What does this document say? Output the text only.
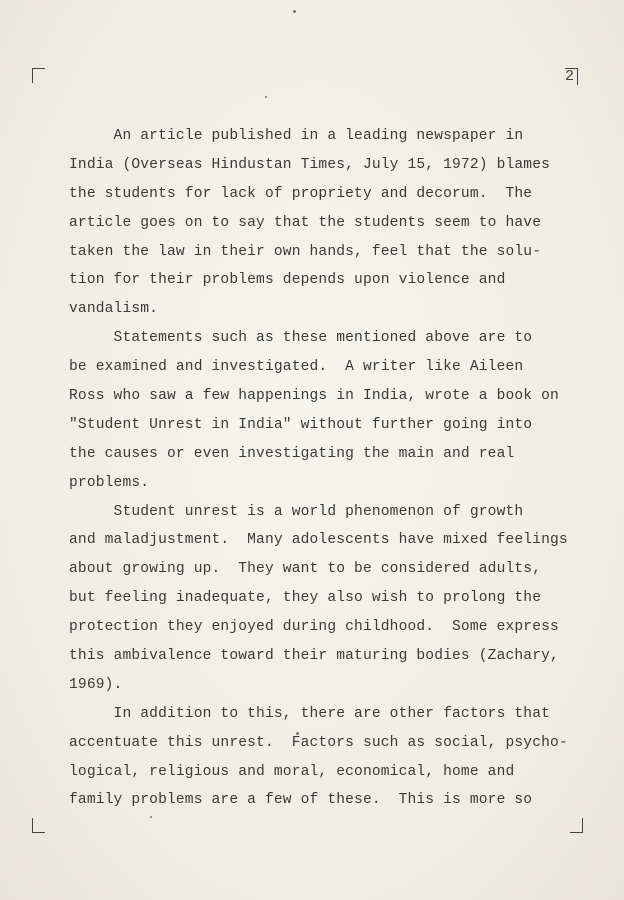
2
An article published in a leading newspaper in
India (Overseas Hindustan Times, July 15, 1972) blames
the students for lack of propriety and decorum.  The
article goes on to say that the students seem to have
taken the law in their own hands, feel that the solu-
tion for their problems depends upon violence and
vandalism.
Statements such as these mentioned above are to
be examined and investigated.  A writer like Aileen
Ross who saw a few happenings in India, wrote a book on
"Student Unrest in India" without further going into
the causes or even investigating the main and real
problems.
Student unrest is a world phenomenon of growth
and maladjustment.  Many adolescents have mixed feelings
about growing up.  They want to be considered adults,
but feeling inadequate, they also wish to prolong the
protection they enjoyed during childhood.  Some express
this ambivalence toward their maturing bodies (Zachary,
1969).
In addition to this, there are other factors that
accentuate this unrest.  Factors such as social, psycho-
logical, religious and moral, economical, home and
family problems are a few of these.  This is more so
